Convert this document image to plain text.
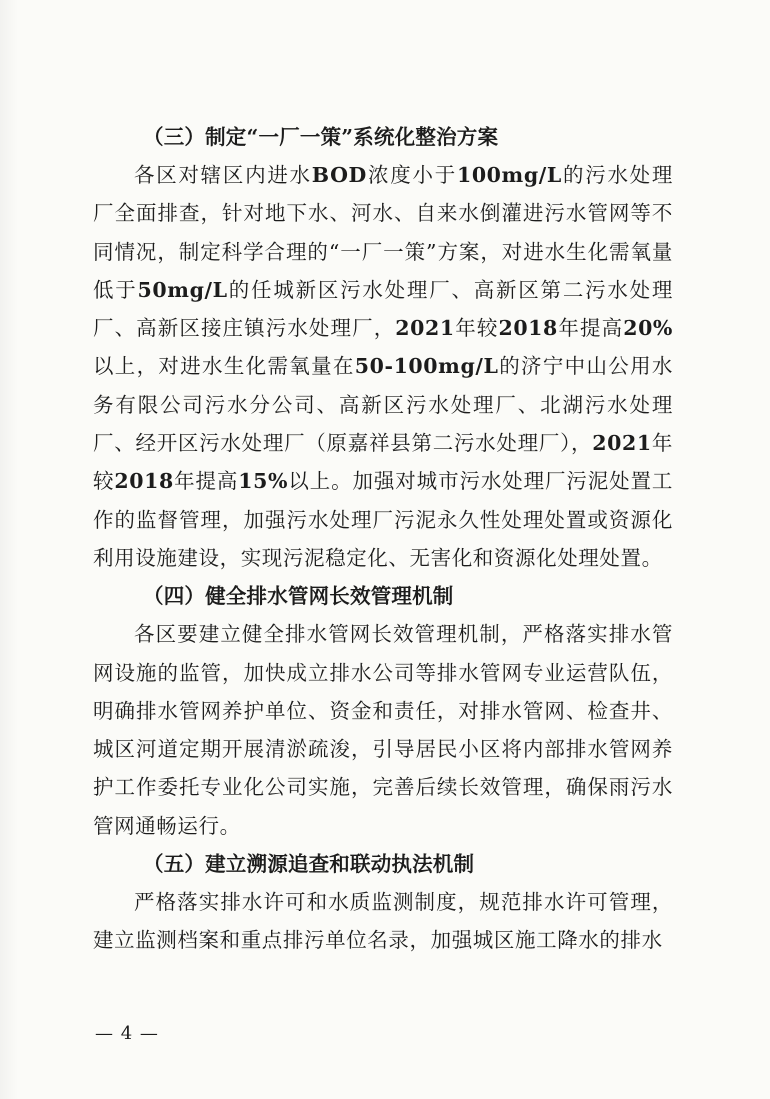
（三）制定“一厂一策”系统化整治方案

各区对辖区内进水BOD浓度小于100mg/L的污水处理厂全面排查，针对地下水、河水、自来水倒灌进污水管网等不同情况，制定科学合理的“一厂一策”方案，对进水生化需氧量低于50mg/L的任城新区污水处理厂、高新区第二污水处理厂、高新区接庄镇污水处理厂，2021年较2018年提高20%以上，对进水生化需氧量在50-100mg/L的济宁中山公用水务有限公司污水分公司、高新区污水处理厂、北湖污水处理厂、经开区污水处理厂（原嘉祥县第二污水处理厂），2021年较2018年提高15%以上。加强对城市污水处理厂污泥处置工作的监督管理，加强污水处理厂污泥永久性处理处置或资源化利用设施建设，实现污泥稳定化、无害化和资源化处理处置。

（四）健全排水管网长效管理机制

各区要建立健全排水管网长效管理机制，严格落实排水管网设施的监管，加快成立排水公司等排水管网专业运营队伍，明确排水管网养护单位、资金和责任，对排水管网、检查井、城区河道定期开展清淤疏浚，引导居民小区将内部排水管网养护工作委托专业化公司实施，完善后续长效管理，确保雨污水管网通畅运行。

（五）建立溯源追查和联动执法机制

严格落实排水许可和水质监测制度，规范排水许可管理，建立监测档案和重点排污单位名录，加强城区施工降水的排水

— 4 —
